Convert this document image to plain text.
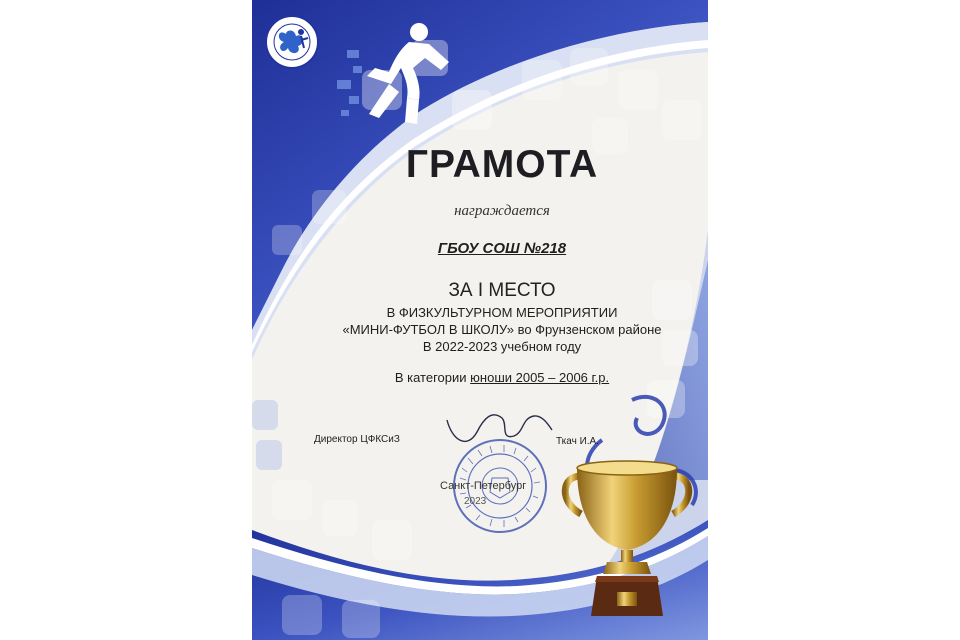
ГРАМОТА
награждается
ГБОУ СОШ №218
ЗА I МЕСТО
В ФИЗКУЛЬТУРНОМ МЕРОПРИЯТИИ
«МИНИ-ФУТБОЛ В ШКОЛУ» во Фрунзенском районе
В 2022-2023 учебном году
В категории юноши 2005 – 2006 г.р.
Директор ЦФКСиЗ	Ткач И.А.
Санкт-Петербург
2023
